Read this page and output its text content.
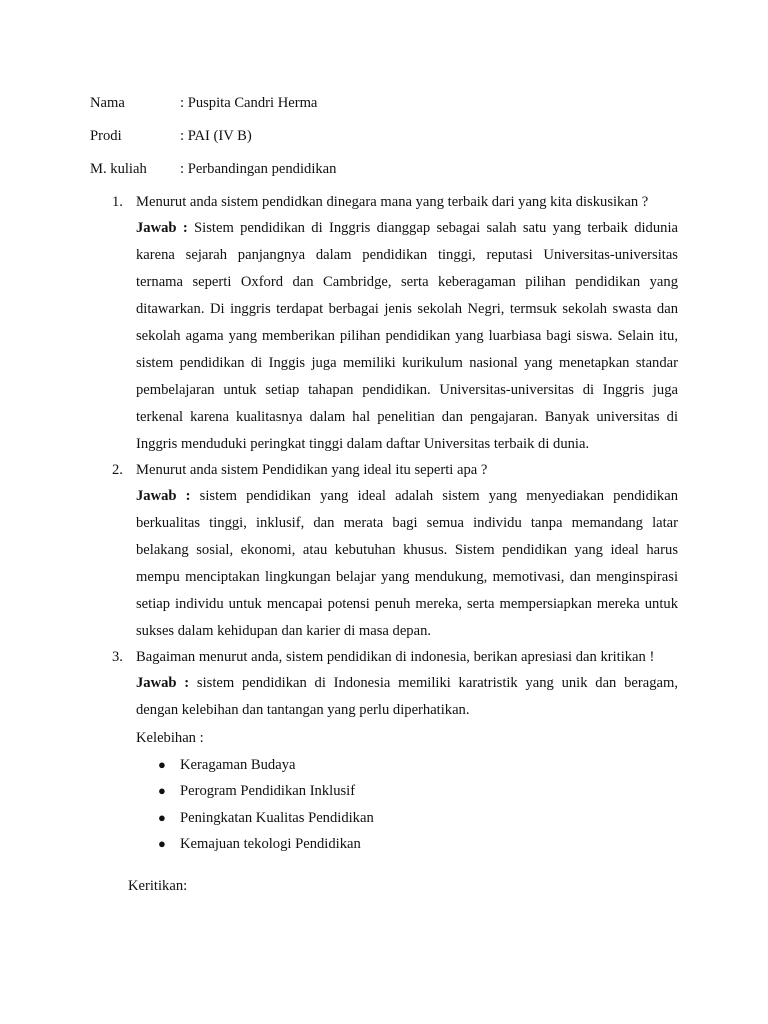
Nama	: Puspita Candri Herma
Prodi	: PAI (IV B)
M. kuliah : Perbandingan pendidikan
1. Menurut anda sistem pendidkan dinegara mana yang terbaik dari yang kita diskusikan ?

Jawab : Sistem pendidikan di Inggris dianggap sebagai salah satu yang terbaik didunia karena sejarah panjangnya dalam pendidikan tinggi, reputasi Universitas-universitas ternama seperti Oxford dan Cambridge, serta keberagaman pilihan pendidikan yang ditawarkan. Di inggris terdapat berbagai jenis sekolah Negri, termsuk sekolah swasta dan sekolah agama yang memberikan pilihan pendidikan yang luarbiasa bagi siswa. Selain itu, sistem pendidikan di Inggis juga memiliki kurikulum nasional yang menetapkan standar pembelajaran untuk setiap tahapan pendidikan. Universitas-universitas di Inggris juga terkenal karena kualitasnya dalam hal penelitian dan pengajaran. Banyak universitas di Inggris menduduki peringkat tinggi dalam daftar Universitas terbaik di dunia.

2. Menurut anda sistem Pendidikan yang ideal itu seperti apa ?

Jawab : sistem pendidikan yang ideal adalah sistem yang menyediakan pendidikan berkualitas tinggi, inklusif, dan merata bagi semua individu tanpa memandang latar belakang sosial, ekonomi, atau kebutuhan khusus. Sistem pendidikan yang ideal harus mempu menciptakan lingkungan belajar yang mendukung, memotivasi, dan menginspirasi setiap individu untuk mencapai potensi penuh mereka, serta mempersiapkan mereka untuk sukses dalam kehidupan dan karier di masa depan.

3. Bagaiman menurut anda, sistem pendidikan di indonesia, berikan apresiasi dan kritikan !

Jawab : sistem pendidikan di Indonesia memiliki karatristik yang unik dan beragam, dengan kelebihan dan tantangan yang perlu diperhatikan.

Kelebihan :
● Keragaman Budaya
● Perogram Pendidikan Inklusif
● Peningkatan Kualitas Pendidikan
● Kemajuan tekologi Pendidikan
Keritikan:
